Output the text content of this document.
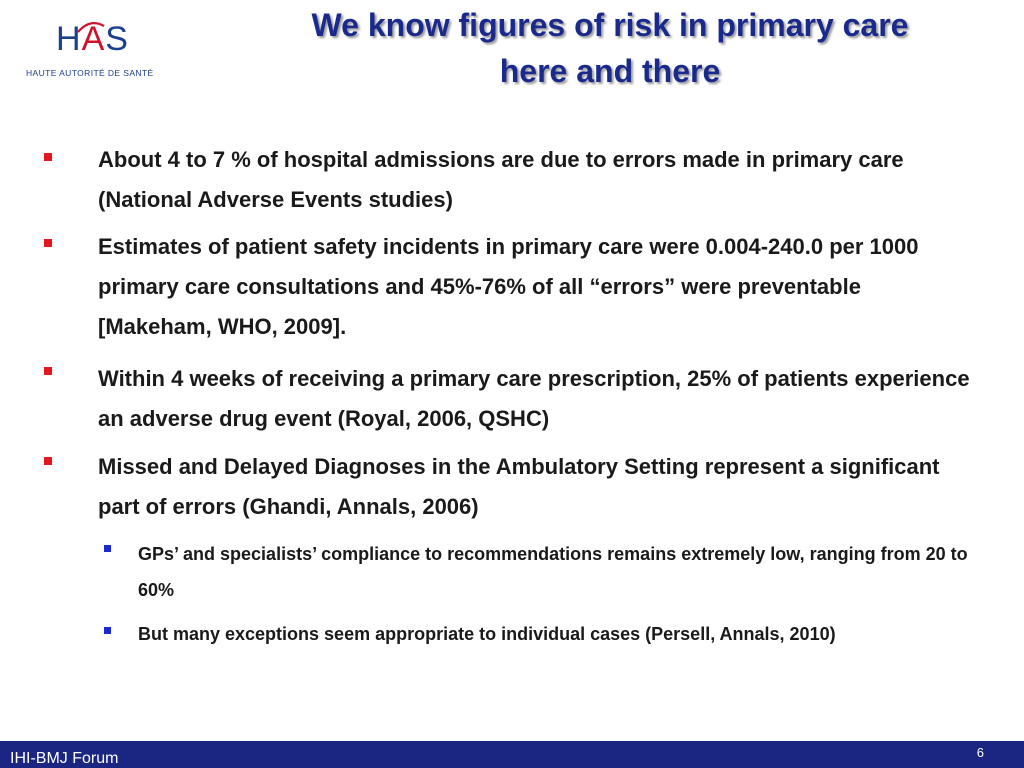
HAS
HAUTE AUTORITÉ DE SANTÉ
We know figures of risk in primary care
here and there
About 4 to 7 % of hospital admissions are due to errors made in primary care (National Adverse Events studies)
Estimates of patient safety incidents in primary care were 0.004-240.0 per 1000 primary care consultations and 45%-76% of all “errors” were preventable [Makeham, WHO, 2009].
Within 4 weeks of receiving a primary care prescription, 25% of patients experience an adverse drug event (Royal, 2006, QSHC)
Missed and Delayed Diagnoses in the Ambulatory Setting represent a significant part of errors (Ghandi, Annals, 2006)
GPs’ and specialists’ compliance to recommendations remains extremely low, ranging from 20 to 60%
But many exceptions seem appropriate to individual cases (Persell, Annals, 2010)
IHI-BMJ Forum	6
